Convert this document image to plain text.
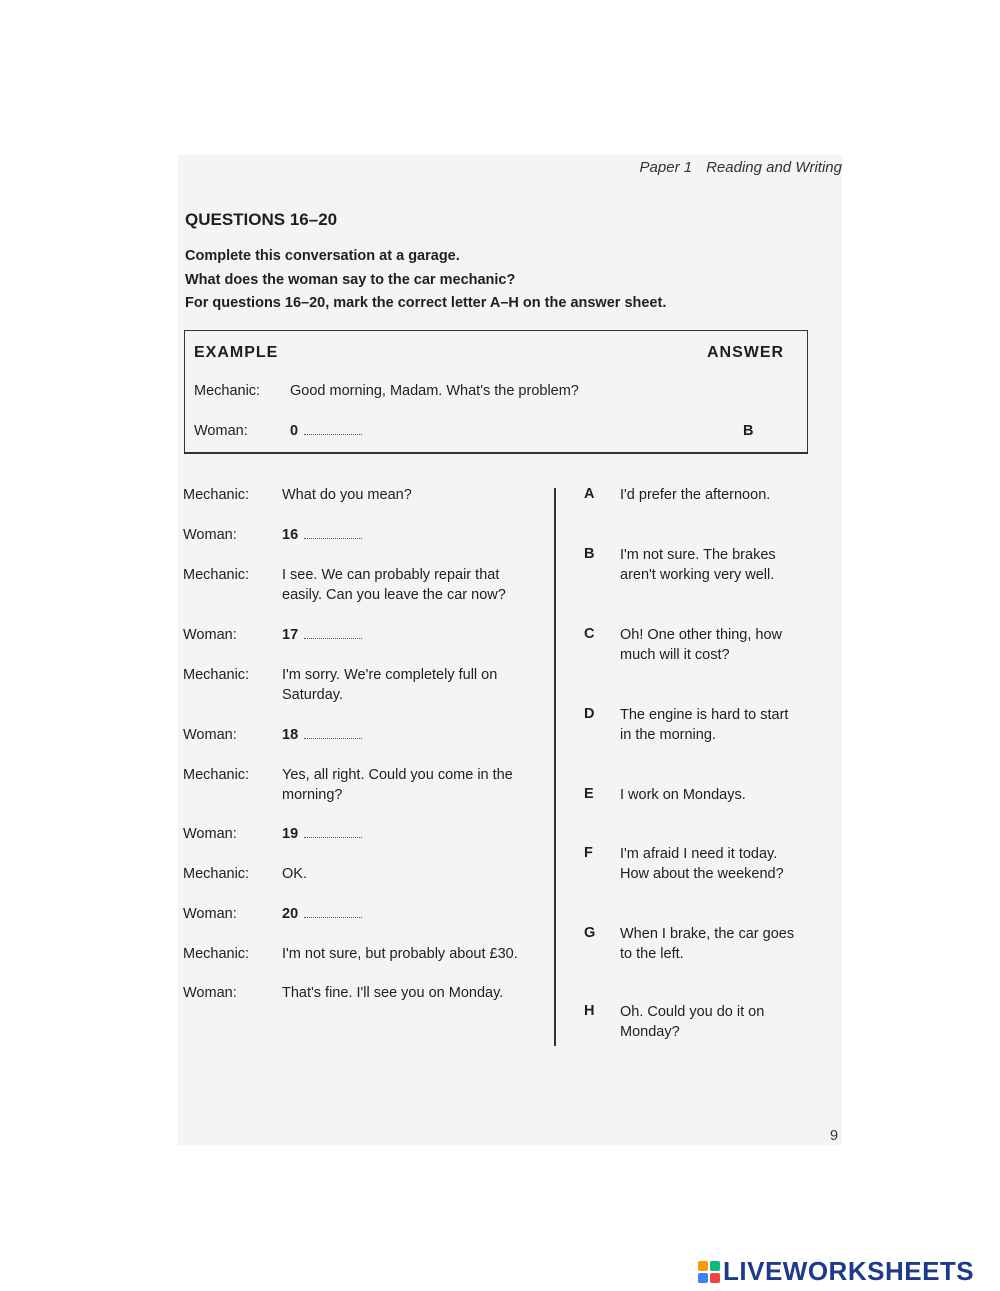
Paper 1 Reading and Writing
QUESTIONS 16–20
Complete this conversation at a garage.
What does the woman say to the car mechanic?
For questions 16–20, mark the correct letter A–H on the answer sheet.
EXAMPLE	ANSWER
Mechanic: Good morning, Madam. What's the problem?
Woman:	0	B
Mechanic: What do you mean?
Woman:	16
Mechanic: I see. We can probably repair that
easily. Can you leave the car now?
Woman:	17
Mechanic: I'm sorry. We're completely full on
Saturday.
Woman:	18
Mechanic: Yes, all right. Could you come in the
morning?
Woman:	19
Mechanic: OK.
Woman:	20
Mechanic: I'm not sure, but probably about £30.
Woman:	That's fine. I'll see you on Monday.
A I'd prefer the afternoon.
B I'm not sure. The brakes
aren't working very well.
C Oh! One other thing, how
much will it cost?
D The engine is hard to start
in the morning.
E I work on Mondays.
F I'm afraid I need it today.
How about the weekend?
G When I brake, the car goes
to the left.
H Oh. Could you do it on
Monday?
9
LIVEWORKSHEETS
